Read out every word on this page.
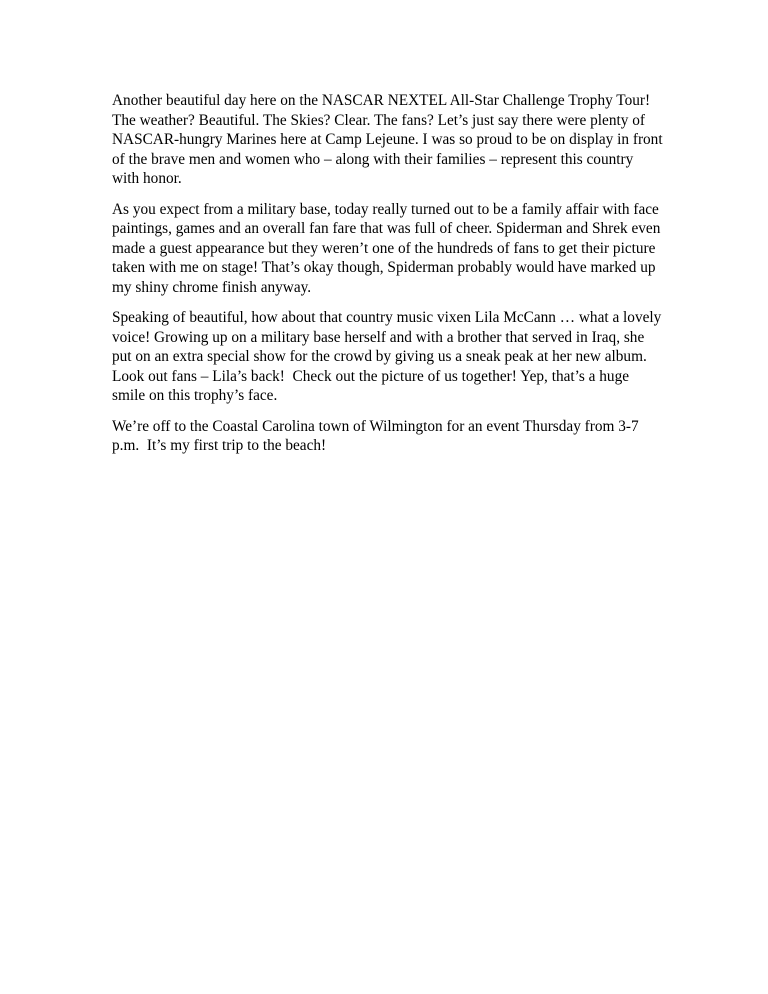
Another beautiful day here on the NASCAR NEXTEL All-Star Challenge Trophy Tour!
The weather? Beautiful. The Skies? Clear. The fans? Let’s just say there were plenty of
NASCAR-hungry Marines here at Camp Lejeune. I was so proud to be on display in front
of the brave men and women who – along with their families – represent this country
with honor.

As you expect from a military base, today really turned out to be a family affair with face
paintings, games and an overall fan fare that was full of cheer. Spiderman and Shrek even
made a guest appearance but they weren’t one of the hundreds of fans to get their picture
taken with me on stage! That’s okay though, Spiderman probably would have marked up
my shiny chrome finish anyway.

Speaking of beautiful, how about that country music vixen Lila McCann … what a lovely
voice! Growing up on a military base herself and with a brother that served in Iraq, she
put on an extra special show for the crowd by giving us a sneak peak at her new album.
Look out fans – Lila’s back!  Check out the picture of us together! Yep, that’s a huge
smile on this trophy’s face.

We’re off to the Coastal Carolina town of Wilmington for an event Thursday from 3-7
p.m.  It’s my first trip to the beach!
